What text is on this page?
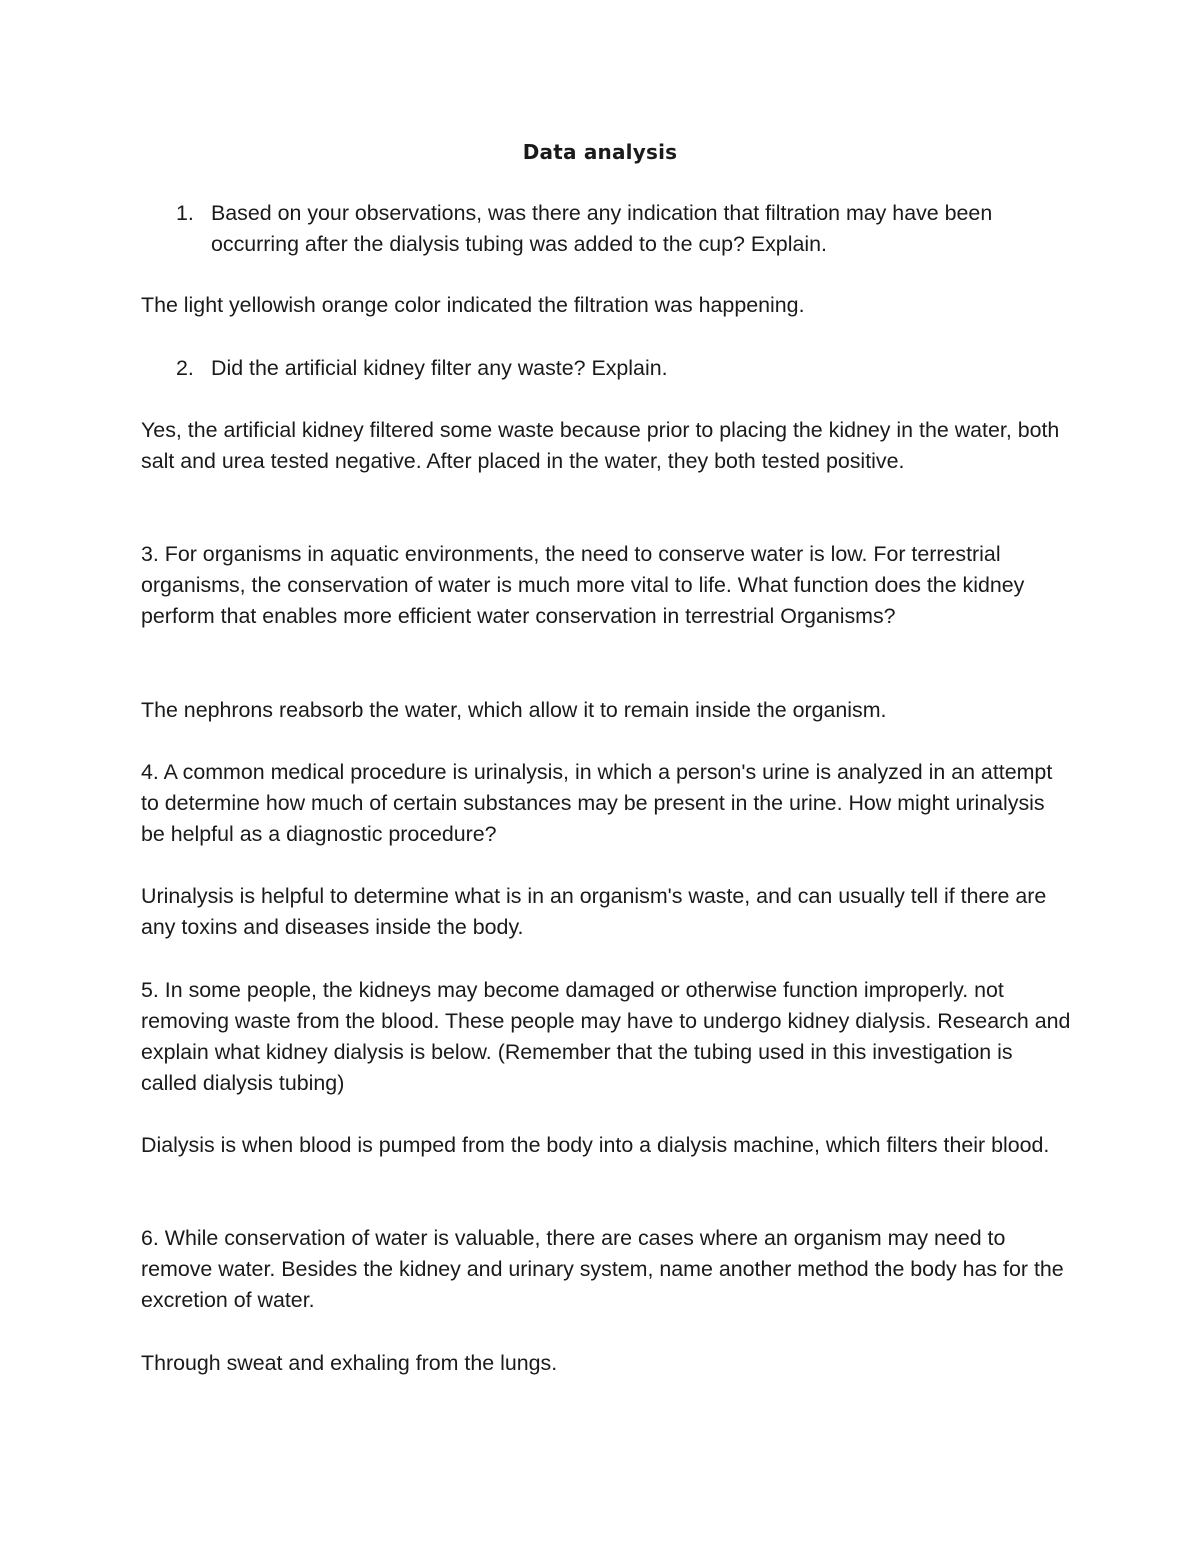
Data analysis
1. Based on your observations, was there any indication that filtration may have been occurring after the dialysis tubing was added to the cup? Explain.

The light yellowish orange color indicated the filtration was happening.

2. Did the artificial kidney filter any waste? Explain.

Yes, the artificial kidney filtered some waste because prior to placing the kidney in the water, both salt and urea tested negative. After placed in the water, they both tested positive.

3. For organisms in aquatic environments, the need to conserve water is low. For terrestrial organisms, the conservation of water is much more vital to life. What function does the kidney perform that enables more efficient water conservation in terrestrial Organisms?

The nephrons reabsorb the water, which allow it to remain inside the organism.

4. A common medical procedure is urinalysis, in which a person's urine is analyzed in an attempt to determine how much of certain substances may be present in the urine. How might urinalysis be helpful as a diagnostic procedure?

Urinalysis is helpful to determine what is in an organism's waste, and can usually tell if there are any toxins and diseases inside the body.

5. In some people, the kidneys may become damaged or otherwise function improperly. not removing waste from the blood. These people may have to undergo kidney dialysis. Research and explain what kidney dialysis is below. (Remember that the tubing used in this investigation is called dialysis tubing)

Dialysis is when blood is pumped from the body into a dialysis machine, which filters their blood.

6. While conservation of water is valuable, there are cases where an organism may need to remove water. Besides the kidney and urinary system, name another method the body has for the excretion of water.

Through sweat and exhaling from the lungs.
